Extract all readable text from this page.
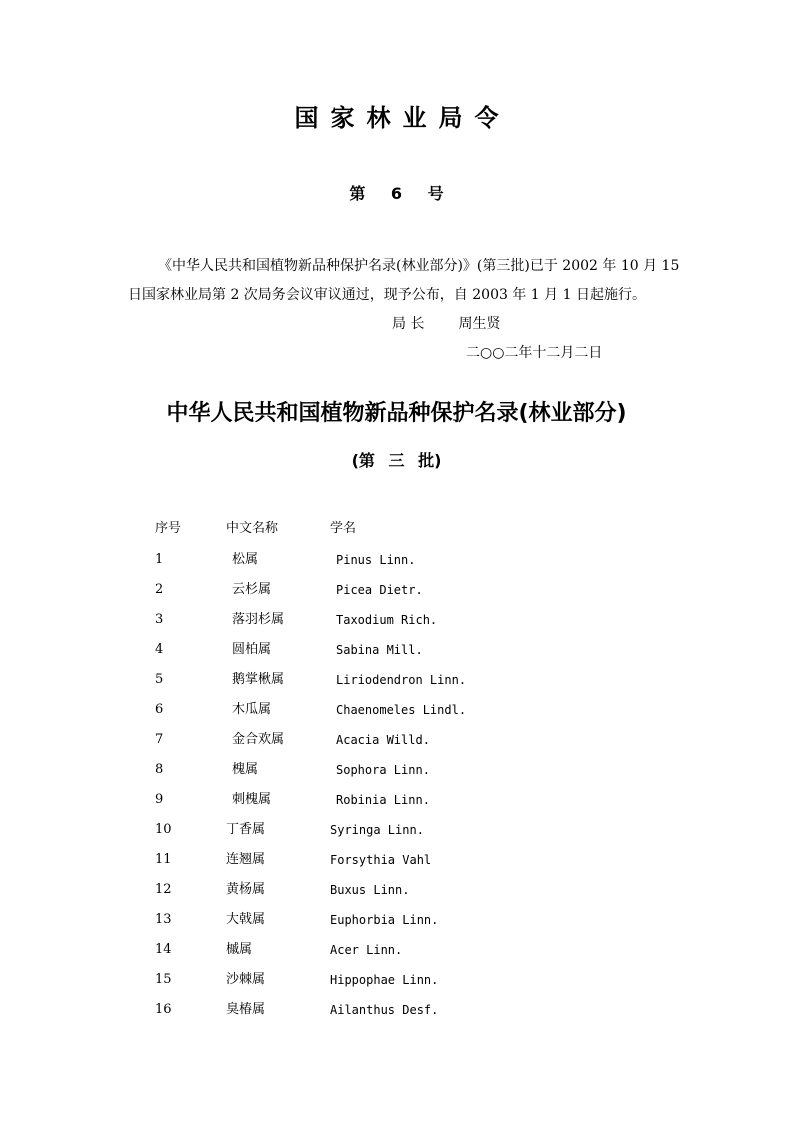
国家林业局令
第 6 号
《中华人民共和国植物新品种保护名录(林业部分)》(第三批)已于 2002 年 10 月 15
日国家林业局第 2 次局务会议审议通过，现予公布，自 2003 年 1 月 1 日起施行。
局 长 周生贤
二○○二年十二月二日
中华人民共和国植物新品种保护名录(林业部分)
(第 三 批)
序号	中文名称	学名
1	松属	Pinus Linn.
2	云杉属	Picea Dietr.
3	落羽杉属	Taxodium Rich.
4	圆柏属	Sabina Mill.
5	鹅掌楸属	Liriodendron Linn.
6	木瓜属	Chaenomeles Lindl.
7	金合欢属	Acacia Willd.
8	槐属	Sophora Linn.
9	刺槐属	Robinia Linn.
10	丁香属	Syringa Linn.
11	连翘属	Forsythia Vahl
12	黄杨属	Buxus Linn.
13	大戟属	Euphorbia Linn.
14	槭属	Acer Linn.
15	沙棘属	Hippophae Linn.
16	臭椿属	Ailanthus Desf.
